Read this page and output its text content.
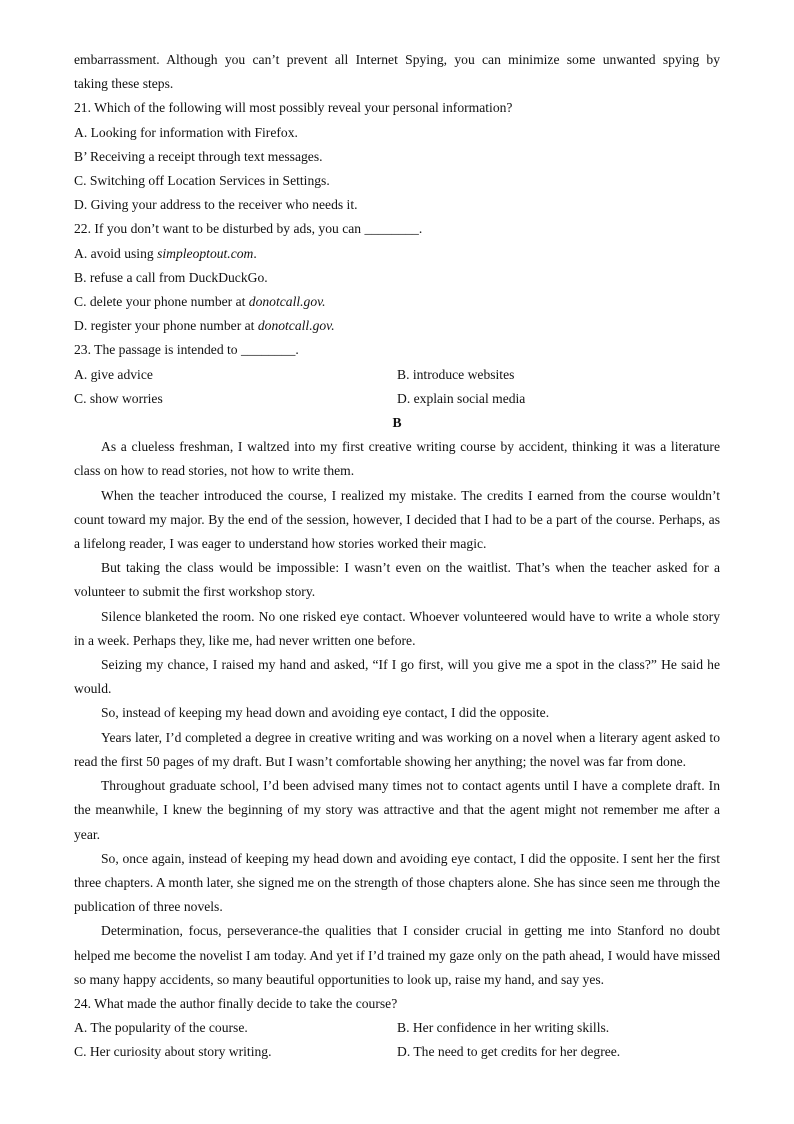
embarrassment. Although you can’t prevent all Internet Spying, you can minimize some unwanted spying by

taking these steps.

21. Which of the following will most possibly reveal your personal information?

A. Looking for information with Firefox.

B’ Receiving a receipt through text messages.

C. Switching off Location Services in Settings.

D. Giving your address to the receiver who needs it.

22. If you don’t want to be disturbed by ads, you can ________.

A. avoid using simpleoptout.com.

B. refuse a call from DuckDuckGo.

C. delete your phone number at donotcall.gov.

D. register your phone number at donotcall.gov.

23. The passage is intended to ________.

A. give advice	B. introduce websites
C. show worries	D. explain social media

B

As a clueless freshman, I waltzed into my first creative writing course by accident, thinking it was a literature class on how to read stories, not how to write them.

When the teacher introduced the course, I realized my mistake. The credits I earned from the course wouldn’t count toward my major. By the end of the session, however, I decided that I had to be a part of the course. Perhaps, as a lifelong reader, I was eager to understand how stories worked their magic.

But taking the class would be impossible: I wasn’t even on the waitlist. That’s when the teacher asked for a volunteer to submit the first workshop story.

Silence blanketed the room. No one risked eye contact. Whoever volunteered would have to write a whole story in a week. Perhaps they, like me, had never written one before.

Seizing my chance, I raised my hand and asked, “If I go first, will you give me a spot in the class?” He said he would.

So, instead of keeping my head down and avoiding eye contact, I did the opposite.

Years later, I’d completed a degree in creative writing and was working on a novel when a literary agent asked to read the first 50 pages of my draft. But I wasn’t comfortable showing her anything; the novel was far from done.

Throughout graduate school, I’d been advised many times not to contact agents until I have a complete draft. In the meanwhile, I knew the beginning of my story was attractive and that the agent might not remember me after a year.

So, once again, instead of keeping my head down and avoiding eye contact, I did the opposite. I sent her the first three chapters. A month later, she signed me on the strength of those chapters alone. She has since seen me through the publication of three novels.

Determination, focus, perseverance-the qualities that I consider crucial in getting me into Stanford no doubt helped me become the novelist I am today. And yet if I’d trained my gaze only on the path ahead, I would have missed so many happy accidents, so many beautiful opportunities to look up, raise my hand, and say yes.

24. What made the author finally decide to take the course?

A. The popularity of the course.	B. Her confidence in her writing skills.
C. Her curiosity about story writing.	D. The need to get credits for her degree.
